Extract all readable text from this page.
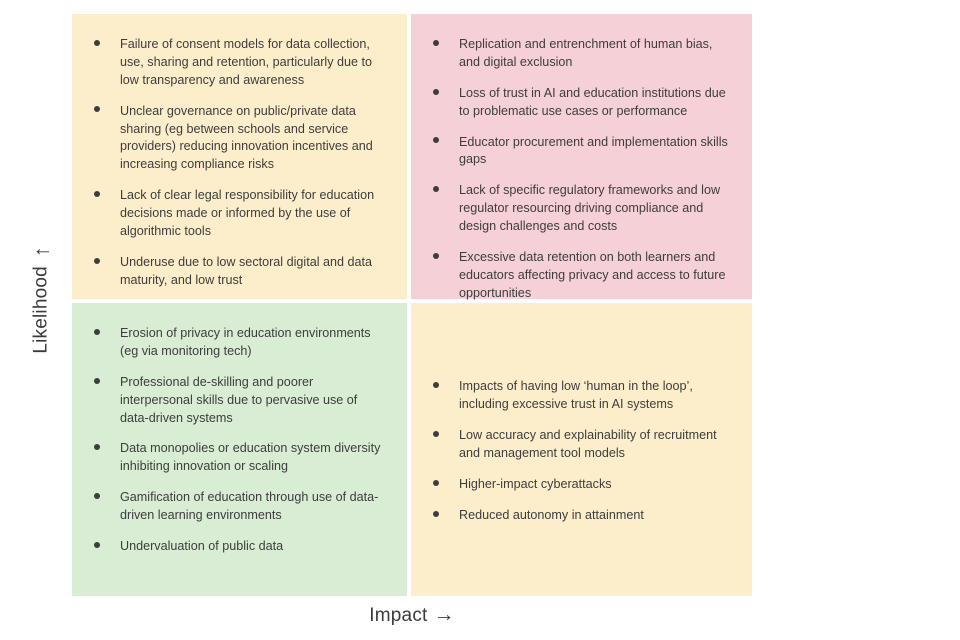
Likelihood
↑
Failure of consent models for data collection, use, sharing and retention, particularly due to low transparency and awareness
Unclear governance on public/private data sharing (eg between schools and service providers) reducing innovation incentives and increasing compliance risks
Lack of clear legal responsibility for education decisions made or informed by the use of algorithmic tools
Underuse due to low sectoral digital and data maturity, and low trust
Replication and entrenchment of human bias, and digital exclusion
Loss of trust in AI and education institutions due to problematic use cases or performance
Educator procurement and implementation skills gaps
Lack of specific regulatory frameworks and low regulator resourcing driving compliance and design challenges and costs
Excessive data retention on both learners and educators affecting privacy and access to future opportunities
Erosion of privacy in education environments (eg via monitoring tech)
Professional de-skilling and poorer interpersonal skills due to pervasive use of data-driven systems
Data monopolies or education system diversity inhibiting innovation or scaling
Gamification of education through use of data-driven learning environments
Undervaluation of public data
Impacts of having low ‘human in the loop’, including excessive trust in AI systems
Low accuracy and explainability of recruitment and management tool models
Higher-impact cyberattacks
Reduced autonomy in attainment
Impact →
